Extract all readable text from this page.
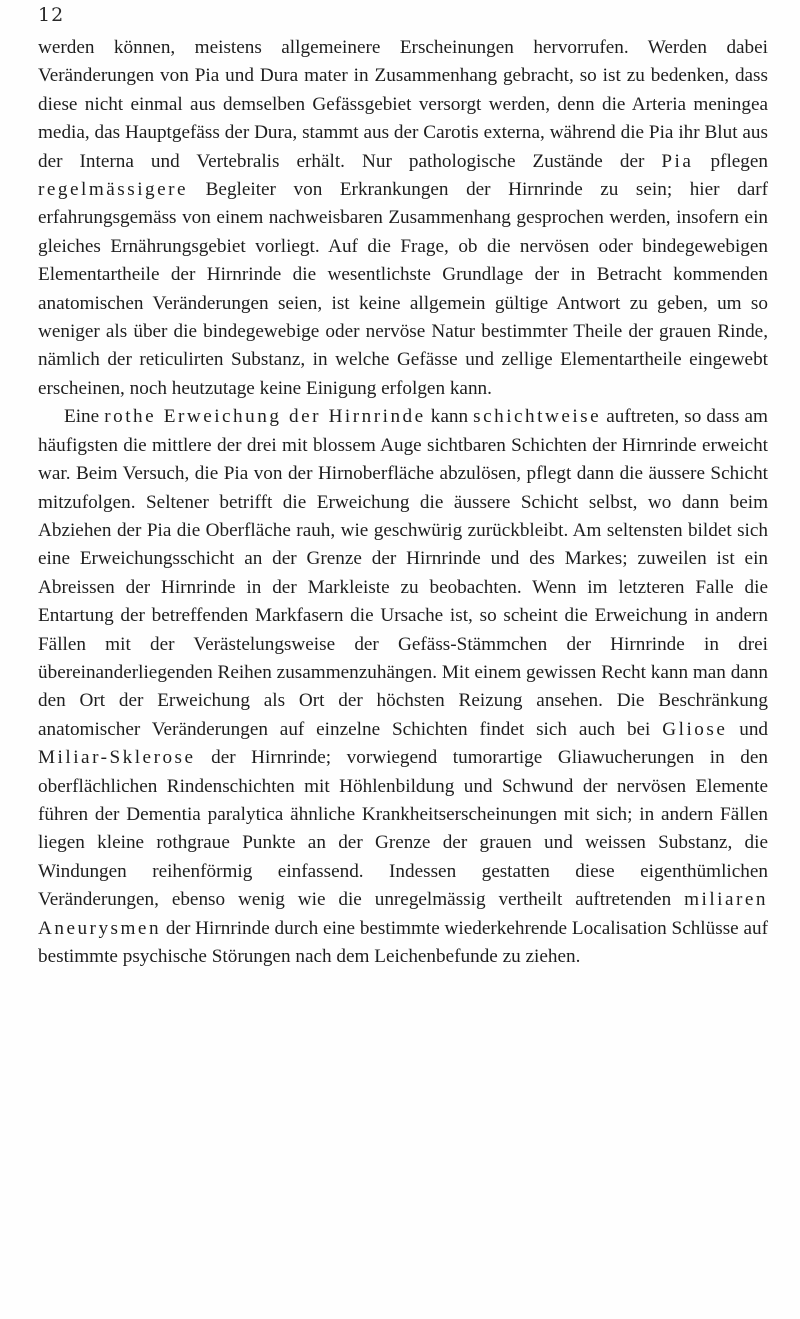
12

werden können, meistens allgemeinere Erscheinungen hervorrufen. Werden dabei Veränderungen von Pia und Dura mater in Zusammenhang gebracht, so ist zu bedenken, dass diese nicht einmal aus demselben Gefässgebiet versorgt werden, denn die Arteria meningea media, das Hauptgefäss der Dura, stammt aus der Carotis externa, während die Pia ihr Blut aus der Interna und Vertebralis erhält. Nur pathologische Zustände der Pia pflegen regelmässigere Begleiter von Erkrankungen der Hirnrinde zu sein; hier darf erfahrungsgemäss von einem nachweisbaren Zusammenhang gesprochen werden, insofern ein gleiches Ernährungsgebiet vorliegt. Auf die Frage, ob die nervösen oder bindegewebigen Elementartheile der Hirnrinde die wesentlichste Grundlage der in Betracht kommenden anatomischen Veränderungen seien, ist keine allgemein gültige Antwort zu geben, um so weniger als über die bindegewebige oder nervöse Natur bestimmter Theile der grauen Rinde, nämlich der reticulirten Substanz, in welche Gefässe und zellige Elementartheile eingewebt erscheinen, noch heutzutage keine Einigung erfolgen kann.

Eine rothe Erweichung der Hirnrinde kann schichtweise auftreten, so dass am häufigsten die mittlere der drei mit blossem Auge sichtbaren Schichten der Hirnrinde erweicht war. Beim Versuch, die Pia von der Hirnoberfläche abzulösen, pflegt dann die äussere Schicht mitzufolgen. Seltener betrifft die Erweichung die äussere Schicht selbst, wo dann beim Abziehen der Pia die Oberfläche rauh, wie geschwürig zurückbleibt. Am seltensten bildet sich eine Erweichungsschicht an der Grenze der Hirnrinde und des Markes; zuweilen ist ein Abreissen der Hirnrinde in der Markleiste zu beobachten. Wenn im letzteren Falle die Entartung der betreffenden Markfasern die Ursache ist, so scheint die Erweichung in andern Fällen mit der Verästelungsweise der Gefäss-Stämmchen der Hirnrinde in drei übereinanderliegenden Reihen zusammenzuhängen. Mit einem gewissen Recht kann man dann den Ort der Erweichung als Ort der höchsten Reizung ansehen. Die Beschränkung anatomischer Veränderungen auf einzelne Schichten findet sich auch bei Gliose und Miliar-Sklerose der Hirnrinde; vorwiegend tumorartige Gliawucherungen in den oberflächlichen Rindenschichten mit Höhlenbildung und Schwund der nervösen Elemente führen der Dementia paralytica ähnliche Krankheitserscheinungen mit sich; in andern Fällen liegen kleine rothgraue Punkte an der Grenze der grauen und weissen Substanz, die Windungen reihenförmig einfassend. Indessen gestatten diese eigenthümlichen Veränderungen, ebenso wenig wie die unregelmässig vertheilt auftretenden miliaren Aneurysmen der Hirnrinde durch eine bestimmte wiederkehrende Localisation Schlüsse auf bestimmte psychische Störungen nach dem Leichenbefunde zu ziehen.
